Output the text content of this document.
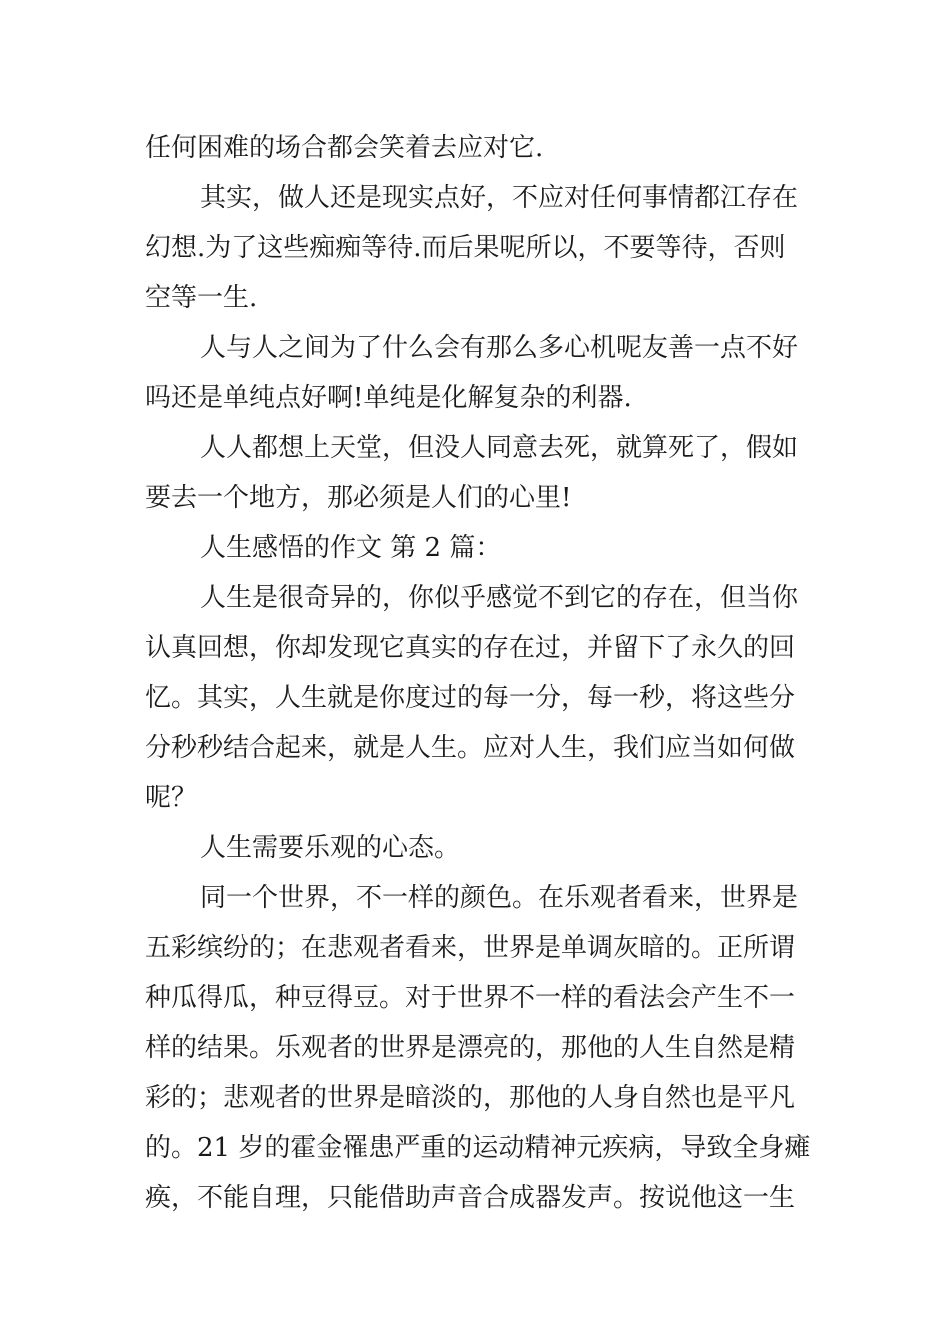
任何困难的场合都会笑着去应对它.

其实，做人还是现实点好，不应对任何事情都江存在

幻想.为了这些痴痴等待.而后果呢所以，不要等待，否则

空等一生.

人与人之间为了什么会有那么多心机呢友善一点不好

吗还是单纯点好啊!单纯是化解复杂的利器.

人人都想上天堂，但没人同意去死，就算死了，假如

要去一个地方，那必须是人们的心里!

人生感悟的作文 第 2 篇：

人生是很奇异的，你似乎感觉不到它的存在，但当你

认真回想，你却发现它真实的存在过，并留下了永久的回

忆。其实，人生就是你度过的每一分，每一秒，将这些分

分秒秒结合起来，就是人生。应对人生，我们应当如何做

呢？

人生需要乐观的心态。

同一个世界，不一样的颜色。在乐观者看来，世界是

五彩缤纷的；在悲观者看来，世界是单调灰暗的。正所谓

种瓜得瓜，种豆得豆。对于世界不一样的看法会产生不一

样的结果。乐观者的世界是漂亮的，那他的人生自然是精

彩的；悲观者的世界是暗淡的，那他的人身自然也是平凡

的。21 岁的霍金罹患严重的运动精神元疾病，导致全身瘫

痪，不能自理，只能借助声音合成器发声。按说他这一生
